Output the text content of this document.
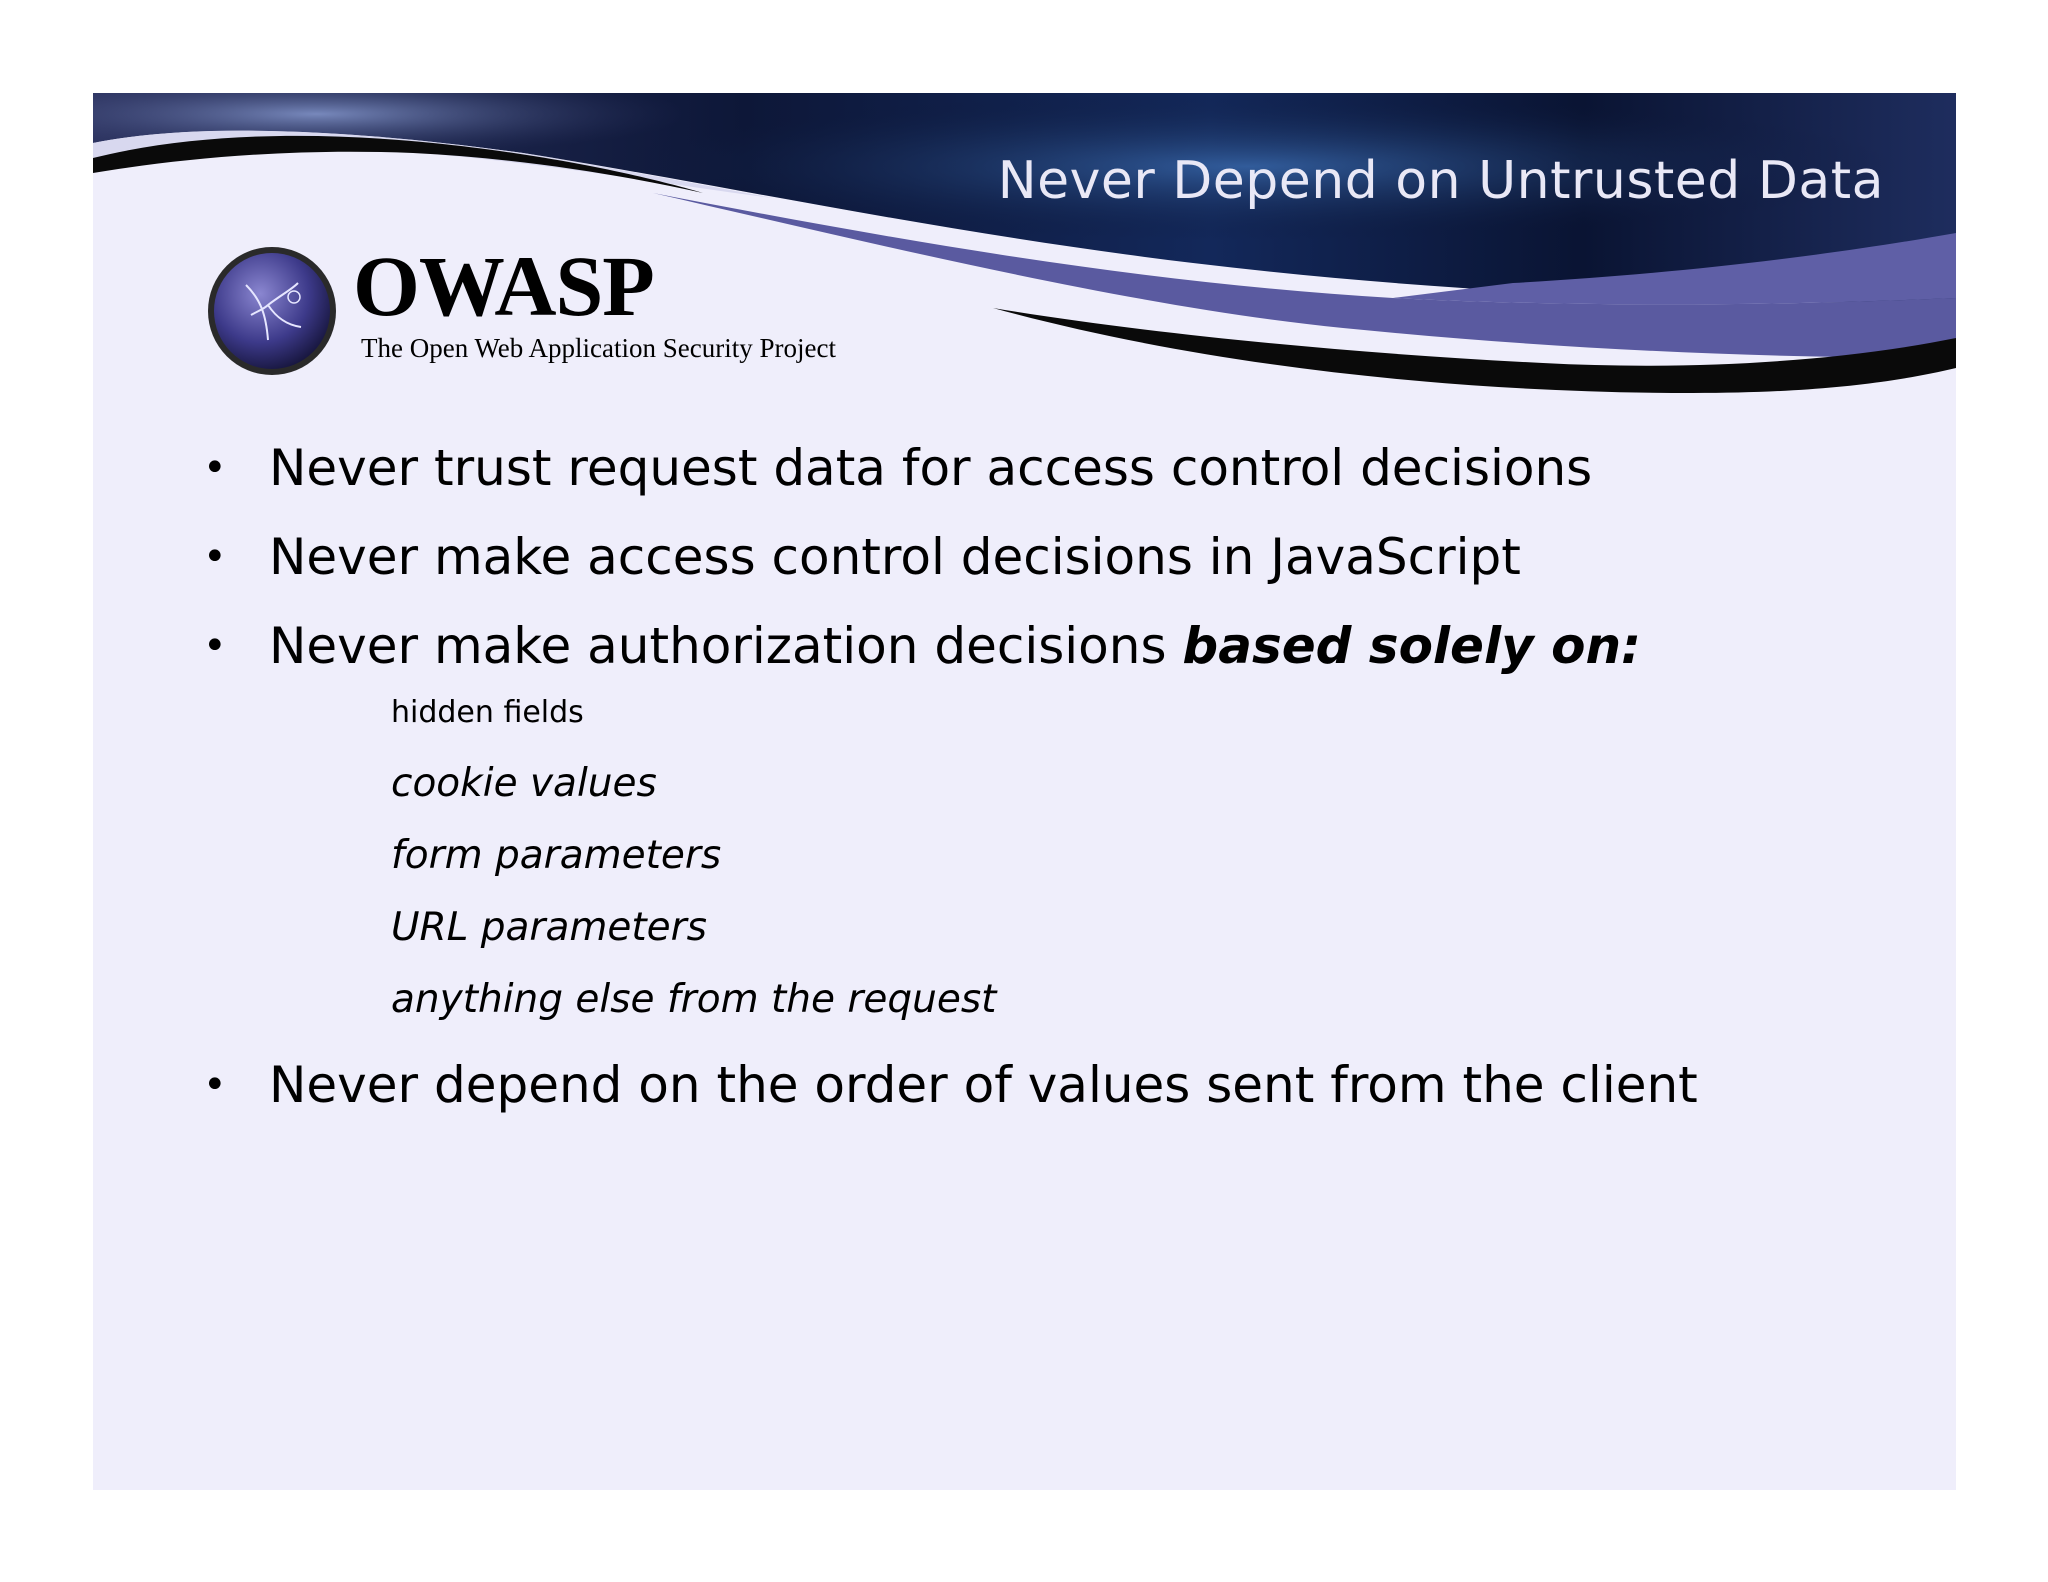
Never Depend on Untrusted Data
OWASP
The Open Web Application Security Project
• Never trust request data for access control decisions
• Never make access control decisions in JavaScript
• Never make authorization decisions based solely on:
hidden fields
cookie values
form parameters
URL parameters
anything else from the request
• Never depend on the order of values sent from the client
